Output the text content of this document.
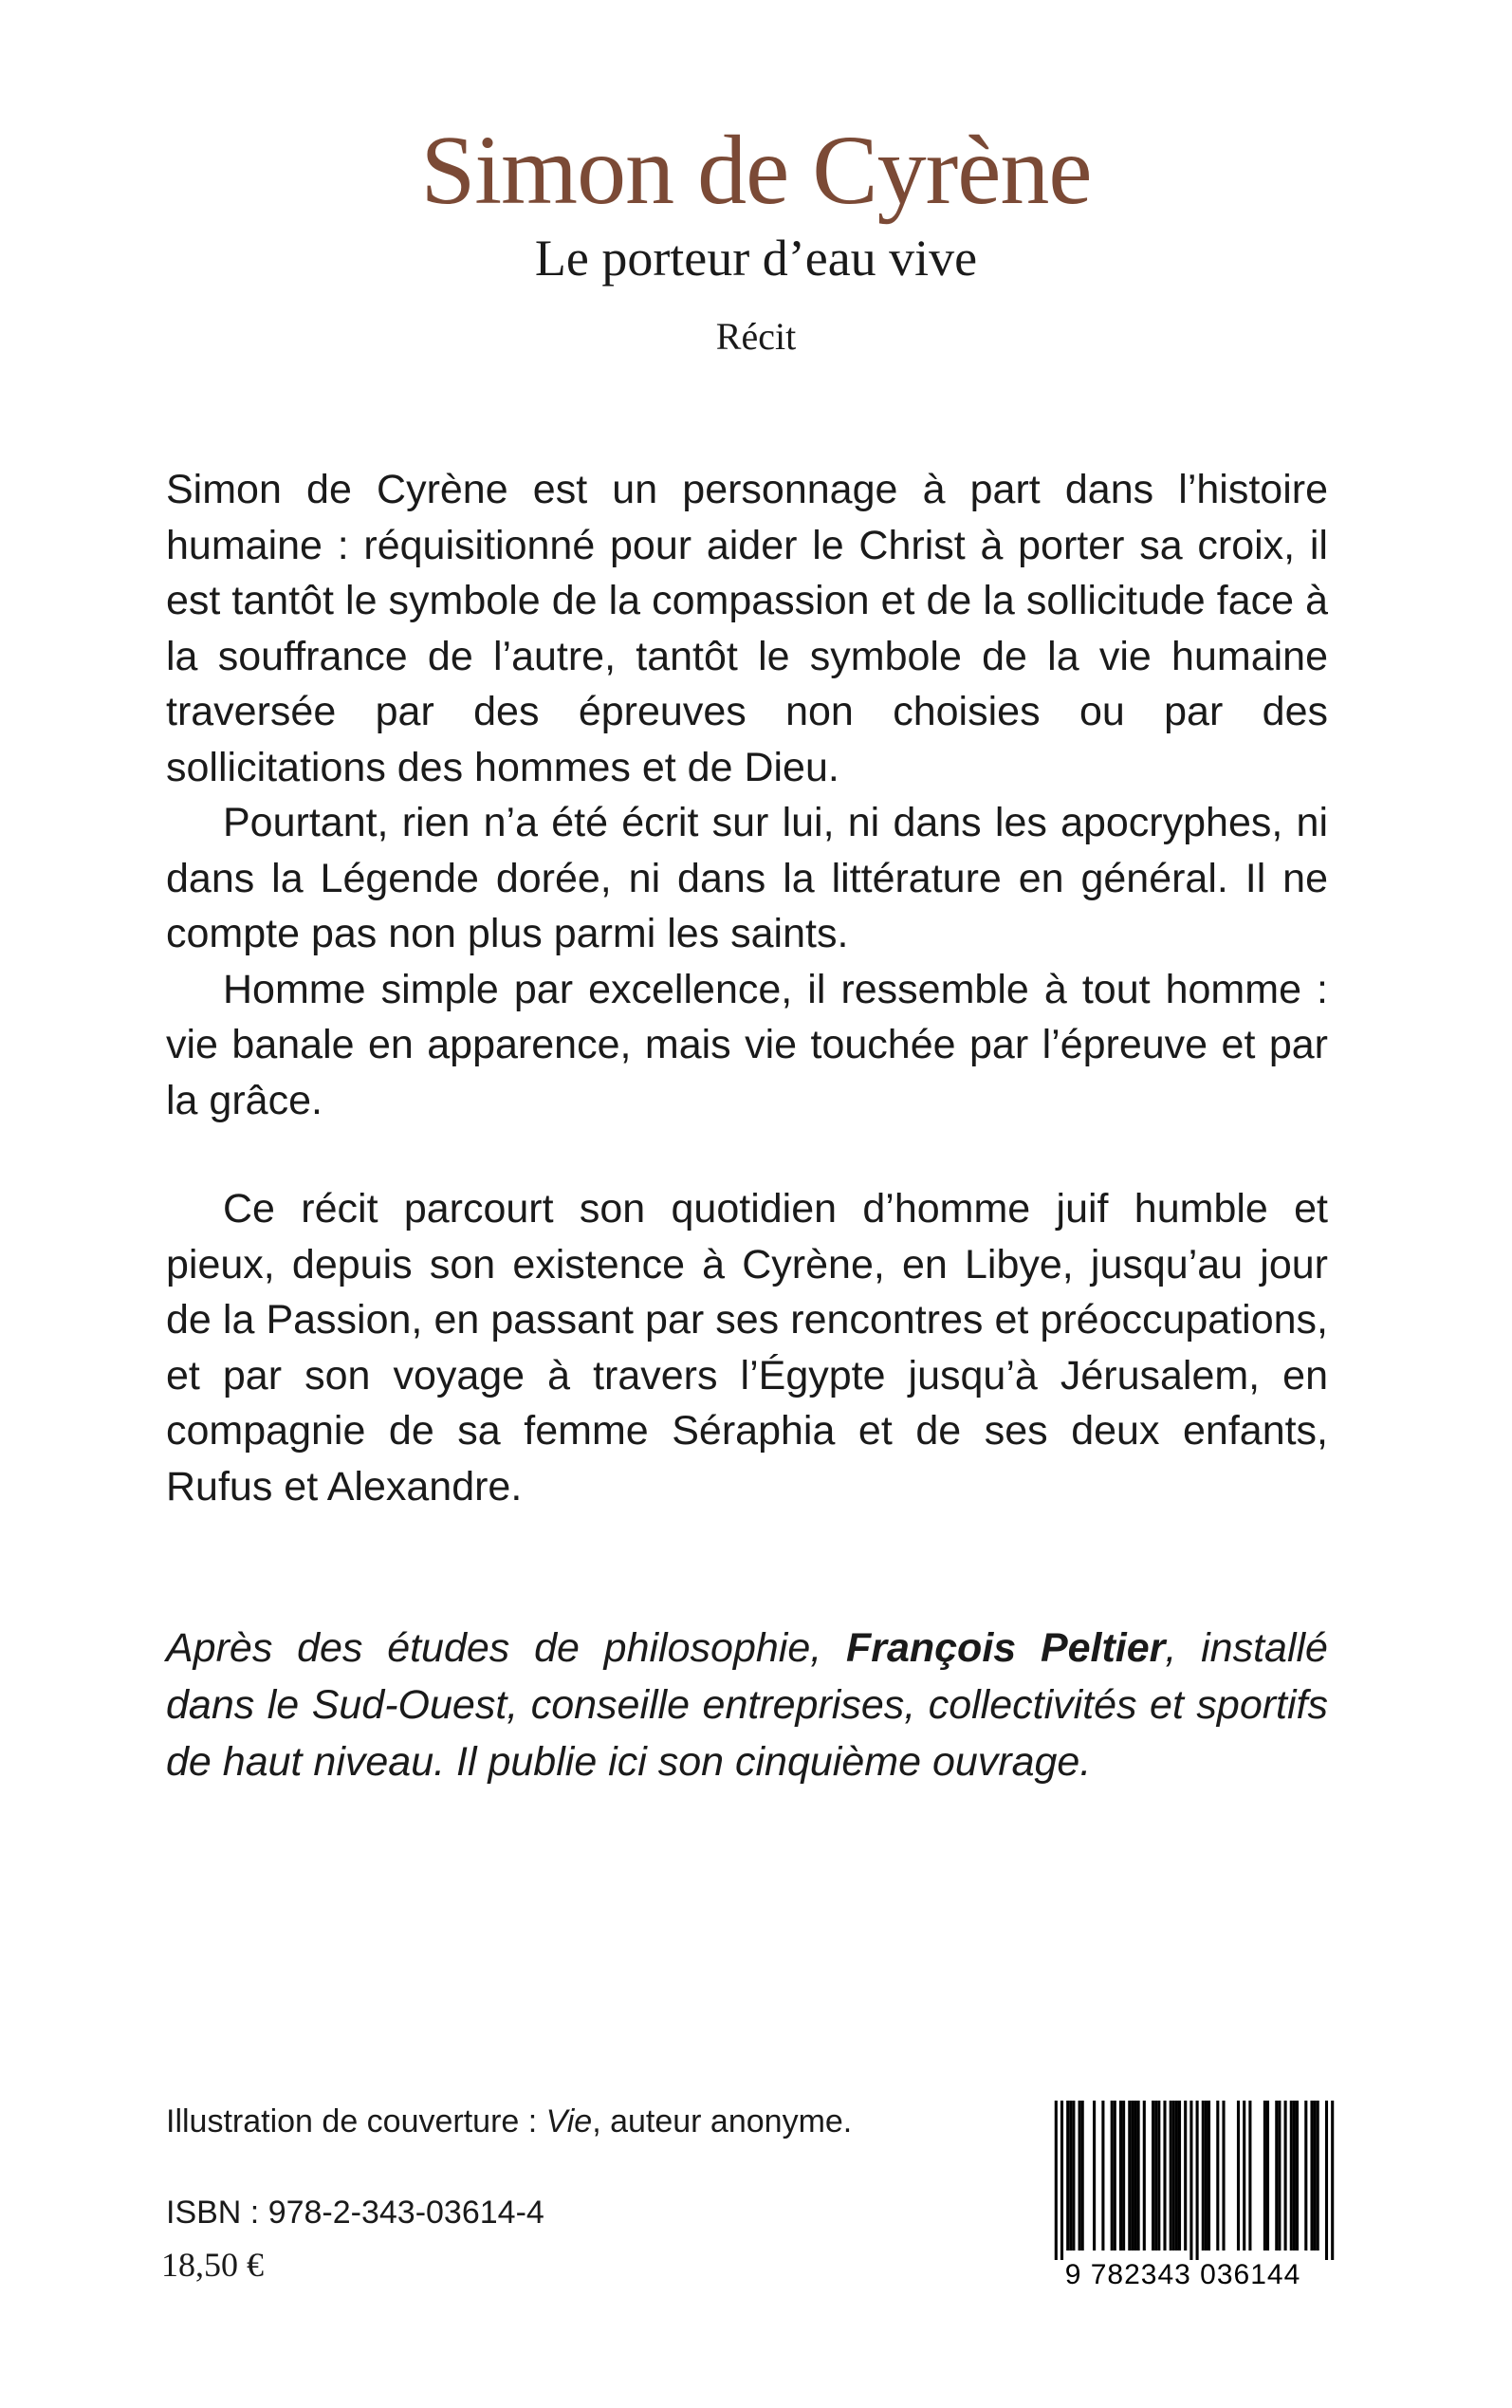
Simon de Cyrène
Le porteur d’eau vive
Récit

Simon de Cyrène est un personnage à part dans l’histoire humaine : réquisitionné pour aider le Christ à porter sa croix, il est tantôt le symbole de la compassion et de la sollicitude face à la souffrance de l’autre, tantôt le symbole de la vie humaine traversée par des épreuves non choisies ou par des sollicitations des hommes et de Dieu.

Pourtant, rien n’a été écrit sur lui, ni dans les apocryphes, ni dans la Légende dorée, ni dans la littérature en général. Il ne compte pas non plus parmi les saints.

Homme simple par excellence, il ressemble à tout homme : vie banale en apparence, mais vie touchée par l’épreuve et par la grâce.

Ce récit parcourt son quotidien d’homme juif humble et pieux, depuis son existence à Cyrène, en Libye, jusqu’au jour de la Passion, en passant par ses rencontres et préoccupations, et par son voyage à travers l’Égypte jusqu’à Jérusalem, en compagnie de sa femme Séraphia et de ses deux enfants, Rufus et Alexandre.

Après des études de philosophie, François Peltier, installé dans le Sud-Ouest, conseille entreprises, collectivités et sportifs de haut niveau. Il publie ici son cinquième ouvrage.

Illustration de couverture : Vie, auteur anonyme.
ISBN : 978-2-343-03614-4
18,50 €	9 782343 036144
